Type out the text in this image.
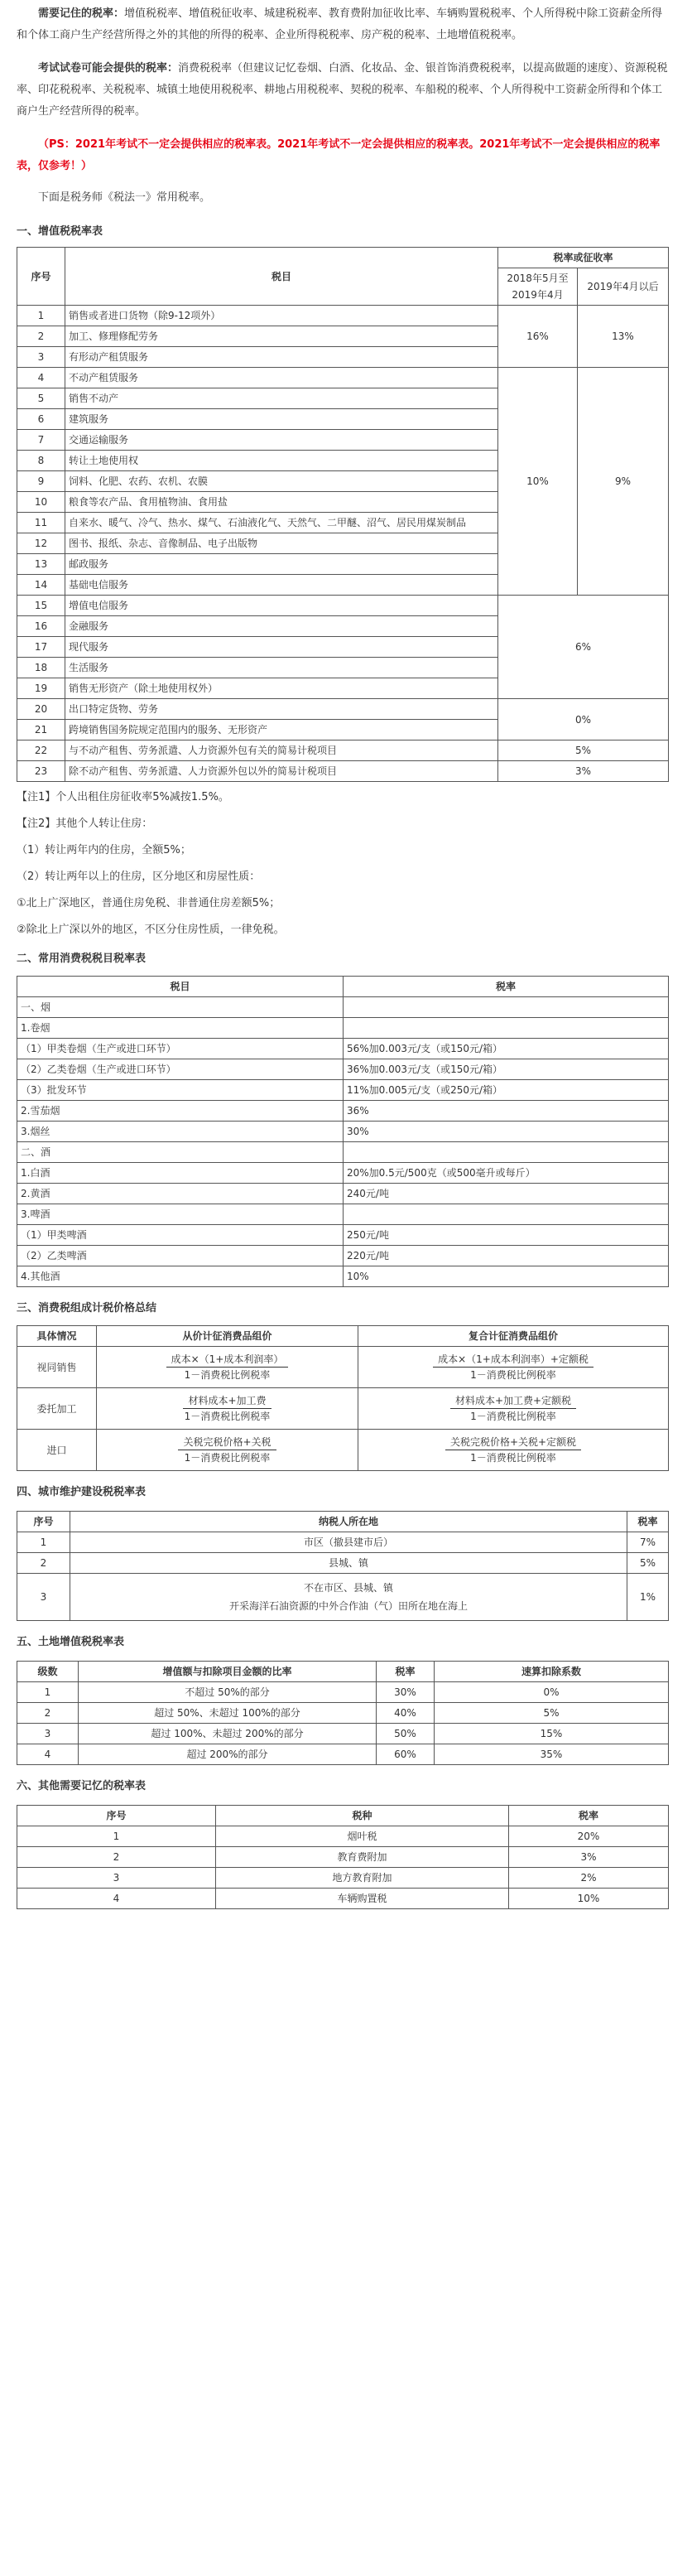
需要记住的税率：增值税税率、增值税征收率、城建税税率、教育费附加征收比率、车辆购置税税率、个人所得税中除工资薪金所得和个体工商户生产经营所得之外的其他的所得的税率、企业所得税税率、房产税的税率、土地增值税税率。

考试试卷可能会提供的税率：消费税税率（但建议记忆卷烟、白酒、化妆品、金、银首饰消费税税率，以提高做题的速度）、资源税税率、印花税税率、关税税率、城镇土地使用税税率、耕地占用税税率、契税的税率、车船税的税率、个人所得税中工资薪金所得和个体工商户生产经营所得的税率。

（PS：2021年考试不一定会提供相应的税率表。2021年考试不一定会提供相应的税率表。2021年考试不一定会提供相应的税率表，仅参考！）

下面是税务师《税法一》常用税率。

一、增值税税率表
序号	税目	税率或征收率	
		2018年5月至2019年4月	2019年4月以后
1	销售或者进口货物（除9-12项外）	16%	13%
2	加工、修理修配劳务		
3	有形动产租赁服务		
4	不动产租赁服务	10%	9%
5	销售不动产		
6	建筑服务		
7	交通运输服务		
8	转让土地使用权		
9	饲料、化肥、农药、农机、农膜		
10	粮食等农产品、食用植物油、食用盐		
11	自来水、暖气、冷气、热水、煤气、石油液化气、天然气、二甲醚、沼气、居民用煤炭制品		
12	图书、报纸、杂志、音像制品、电子出版物		
13	邮政服务		
14	基础电信服务		
15	增值电信服务	6%	
16	金融服务		
17	现代服务		
18	生活服务		
19	销售无形资产（除土地使用权外）		
20	出口特定货物、劳务	0%	
21	跨境销售国务院规定范围内的服务、无形资产		
22	与不动产租售、劳务派遣、人力资源外包有关的简易计税项目	5%	
23	除不动产租售、劳务派遣、人力资源外包以外的简易计税项目	3%	

【注1】个人出租住房征收率5%减按1.5%。

【注2】其他个人转让住房：

（1）转让两年内的住房，全额5%；

（2）转让两年以上的住房，区分地区和房屋性质：

①北上广深地区，普通住房免税、非普通住房差额5%；

②除北上广深以外的地区，不区分住房性质，一律免税。

二、常用消费税税目税率表
税目	税率
一、烟	
1.卷烟	
（1）甲类卷烟（生产或进口环节）	56%加0.003元/支（或150元/箱）
（2）乙类卷烟（生产或进口环节）	36%加0.003元/支（或150元/箱）
（3）批发环节	11%加0.005元/支（或250元/箱）
2.雪茄烟	36%
3.烟丝	30%
二、酒	
1.白酒	20%加0.5元/500克（或500毫升或每斤）
2.黄酒	240元/吨
3.啤酒	
（1）甲类啤酒	250元/吨
（2）乙类啤酒	220元/吨
4.其他酒	10%
三、消费税组成计税价格总结
具体情况	从价计征消费品组价	复合计征消费品组价
视同销售	$\frac{\text{成本×（1+成本利润率）}}{\text{1－消费税比例税率}}$	$\frac{\text{成本×（1+成本利润率）+定额税}}{\text{1－消费税比例税率}}$

委托加工	$\frac{\text{材料成本+加工费}}{\text{1－消费税比例税率}}$	$\frac{\text{材料成本+加工费+定额税}}{\text{1－消费税比例税率}}$

进口	$\frac{\text{关税完税价格+关税}}{\text{1－消费税比例税率}}$	$\frac{\text{关税完税价格+关税+定额税}}{\text{1－消费税比例税率}}$
四、城市维护建设税税率表
序号	纳税人所在地	税率
1	市区（撤县建市后）	7%
2	县城、镇	5%
3	不在市区、县城、镇
开采海洋石油资源的中外合作油（气）田所在地在海上	1%
五、土地增值税税率表
级数	增值额与扣除项目金额的比率	税率	速算扣除系数
1	不超过 50%的部分	30%	0%
2	超过 50%、未超过 100%的部分	40%	5%
3	超过 100%、未超过 200%的部分	50%	15%
4	超过 200%的部分	60%	35%
六、其他需要记忆的税率表
序号	税种	税率
1	烟叶税	20%
2	教育费附加	3%
3	地方教育附加	2%
4	车辆购置税	10%
